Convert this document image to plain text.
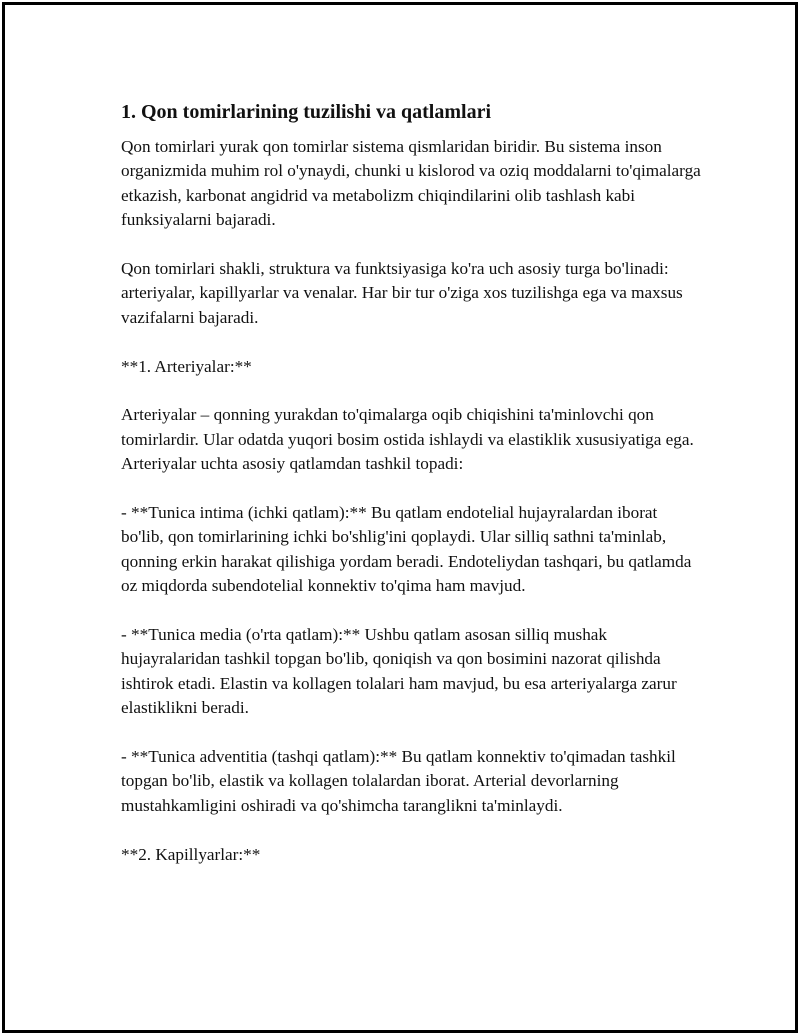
1. Qon tomirlarining tuzilishi va qatlamlari

Qon tomirlari yurak qon tomirlar sistema qismlaridan biridir. Bu sistema inson organizmida muhim rol o'ynaydi, chunki u kislorod va oziq moddalarni to'qimalarga etkazish, karbonat angidrid va metabolizm chiqindilarini olib tashlash kabi funksiyalarni bajaradi.

Qon tomirlari shakli, struktura va funktsiyasiga ko'ra uch asosiy turga bo'linadi: arteriyalar, kapillyarlar va venalar. Har bir tur o'ziga xos tuzilishga ega va maxsus vazifalarni bajaradi.

**1. Arteriyalar:**

Arteriyalar – qonning yurakdan to'qimalarga oqib chiqishini ta'minlovchi qon tomirlardir. Ular odatda yuqori bosim ostida ishlaydi va elastiklik xususiyatiga ega. Arteriyalar uchta asosiy qatlamdan tashkil topadi:

- **Tunica intima (ichki qatlam):** Bu qatlam endotelial hujayralardan iborat bo'lib, qon tomirlarining ichki bo'shlig'ini qoplaydi. Ular silliq sathni ta'minlab, qonning erkin harakat qilishiga yordam beradi. Endoteliydan tashqari, bu qatlamda oz miqdorda subendotelial konnektiv to'qima ham mavjud.

- **Tunica media (o'rta qatlam):** Ushbu qatlam asosan silliq mushak hujayralaridan tashkil topgan bo'lib, qoniqish va qon bosimini nazorat qilishda ishtirok etadi. Elastin va kollagen tolalari ham mavjud, bu esa arteriyalarga zarur elastiklikni beradi.

- **Tunica adventitia (tashqi qatlam):** Bu qatlam konnektiv to'qimadan tashkil topgan bo'lib, elastik va kollagen tolalardan iborat. Arterial devorlarning mustahkamligini oshiradi va qo'shimcha taranglikni ta'minlaydi.

**2. Kapillyarlar:**
